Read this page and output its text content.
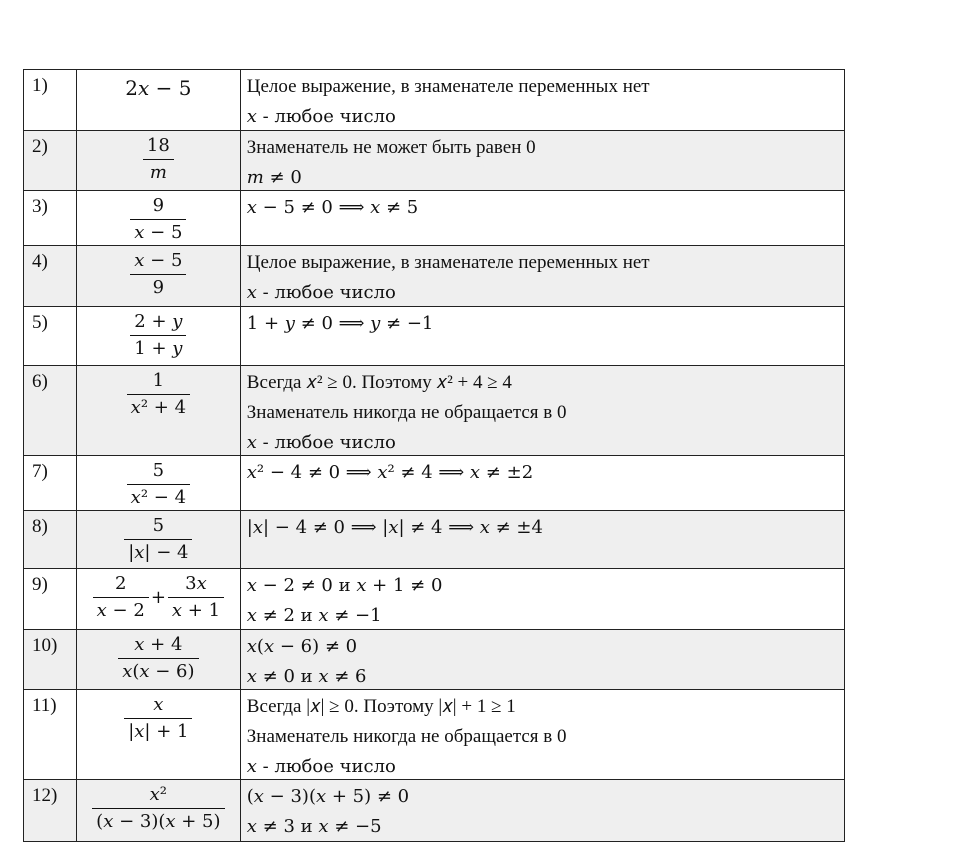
1)	2𝑥 − 5	Целое выражение, в знаменателе переменных нет
𝑥 - любое число
2)	$\frac{18}{\text{𝑚}}$	Знаменатель не может быть равен 0
𝑚 ≠ 0
3)	$\frac{9}{\text{𝑥 − 5}}$	𝑥 − 5 ≠ 0 ⟹ 𝑥 ≠ 5
4)	$\frac{\text{𝑥 − 5}}{9}$	Целое выражение, в знаменателе переменных нет
𝑥 - любое число
5)	$\frac{\text{2 + 𝑦}}{\text{1 + 𝑦}}$	1 + 𝑦 ≠ 0 ⟹ 𝑦 ≠ −1
6)	$\frac{1}{\text{𝑥² + 4}}$	Всегда 𝑥² ≥ 0. Поэтому 𝑥² + 4 ≥ 4
Знаменатель никогда не обращается в 0
𝑥 - любое число
7)	$\frac{5}{\text{𝑥² − 4}}$	𝑥² − 4 ≠ 0 ⟹ 𝑥² ≠ 4 ⟹ 𝑥 ≠ ±2
8)	$\frac{5}{\text{|𝑥| − 4}}$	|𝑥| − 4 ≠ 0 ⟹ |𝑥| ≠ 4 ⟹ 𝑥 ≠ ±4
9)	$\frac{2}{\text{𝑥 − 2}} + \frac{\text{3𝑥}}{\text{𝑥 + 1}}$ 𝑥 − 2 ≠ 0 и 𝑥 + 1 ≠ 0
𝑥 ≠ 2 и 𝑥 ≠ −1
10)	$\frac{\text{𝑥 + 4}}{\text{𝑥(𝑥 − 6)}}$	𝑥(𝑥 − 6) ≠ 0
𝑥 ≠ 0 и 𝑥 ≠ 6
11)	$\frac{\text{𝑥}}{\text{|𝑥| + 1}}$	Всегда |𝑥| ≥ 0. Поэтому |𝑥| + 1 ≥ 1
Знаменатель никогда не обращается в 0
𝑥 - любое число
12)	$\frac{\text{𝑥²}}{\text{(𝑥 − 3)(𝑥 + 5)}}$ (𝑥 − 3)(𝑥 + 5) ≠ 0
𝑥 ≠ 3 и 𝑥 ≠ −5
